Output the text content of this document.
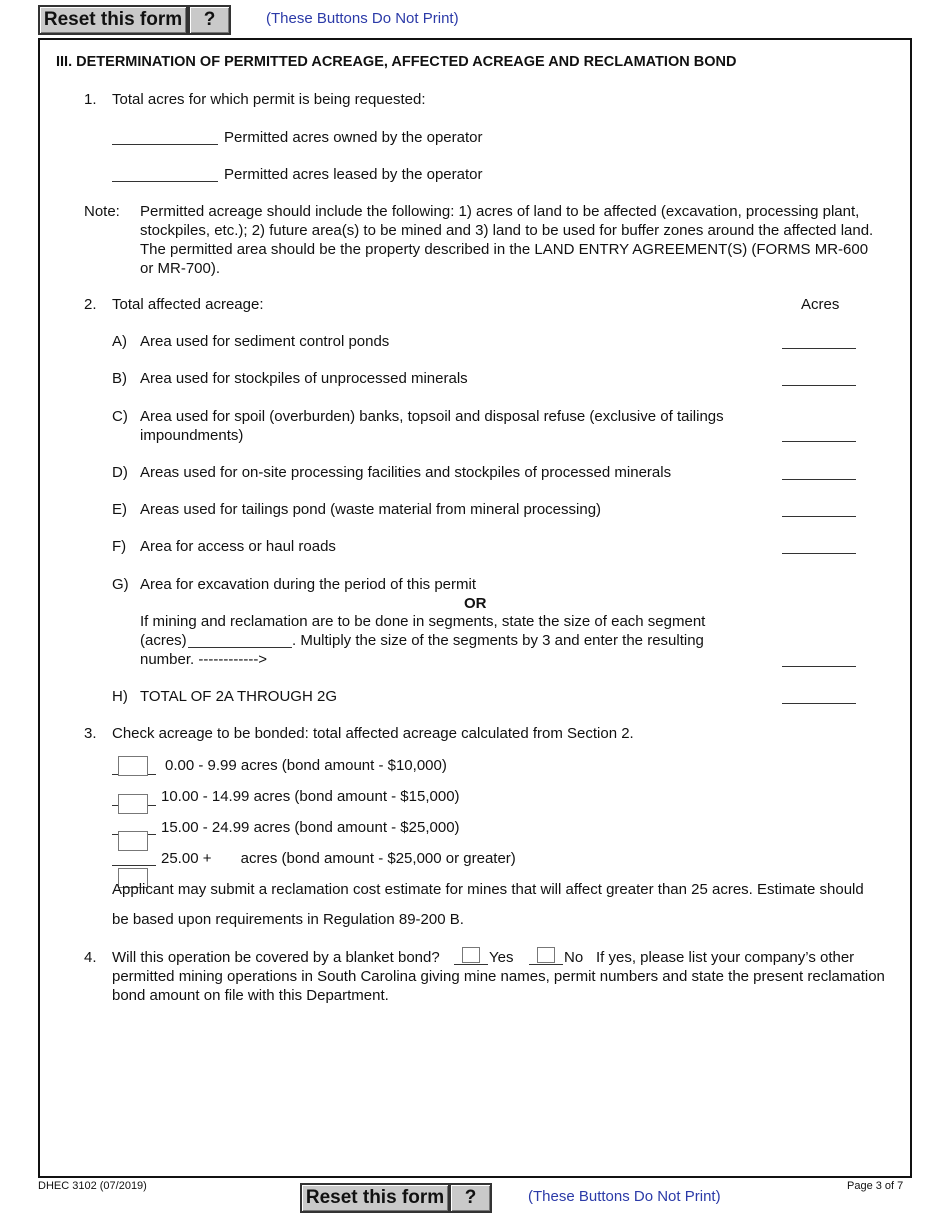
Reset this form	?	(These Buttons Do Not Print)
III. DETERMINATION OF PERMITTED ACREAGE, AFFECTED ACREAGE AND RECLAMATION BOND
1. Total acres for which permit is being requested:
Permitted acres owned by the operator
Permitted acres leased by the operator
Note: Permitted acreage should include the following: 1) acres of land to be affected (excavation, processing plant,
stockpiles, etc.); 2) future area(s) to be mined and 3) land to be used for buffer zones around the affected land.
The permitted area should be the property described in the LAND ENTRY AGREEMENT(S) (FORMS MR-600
or MR-700).
2. Total affected acreage:	Acres
A) Area used for sediment control ponds
B) Area used for stockpiles of unprocessed minerals
C) Area used for spoil (overburden) banks, topsoil and disposal refuse (exclusive of tailings
impoundments)
D) Areas used for on-site processing facilities and stockpiles of processed minerals
E) Areas used for tailings pond (waste material from mineral processing)
F) Area for access or haul roads
G) Area for excavation during the period of this permit
OR
If mining and reclamation are to be done in segments, state the size of each segment
(acres)	. Multiply the size of the segments by 3 and enter the resulting
number. ------------>
H) TOTAL OF 2A THROUGH 2G
3. Check acreage to be bonded: total affected acreage calculated from Section 2.
0.00 - 9.99 acres (bond amount - $10,000)
10.00 - 14.99 acres (bond amount - $15,000)
15.00 - 24.99 acres (bond amount - $25,000)
25.00 +       acres (bond amount - $25,000 or greater)
Applicant may submit a reclamation cost estimate for mines that will affect greater than 25 acres. Estimate should
be based upon requirements in Regulation 89-200 B.
4. Will this operation be covered by a blanket bond?	Yes	No If yes, please list your company’s other
permitted mining operations in South Carolina giving mine names, permit numbers and state the present reclamation
bond amount on file with this Department.
DHEC 3102 (07/2019)	Page 3 of 7
Reset this form	?	(These Buttons Do Not Print)
